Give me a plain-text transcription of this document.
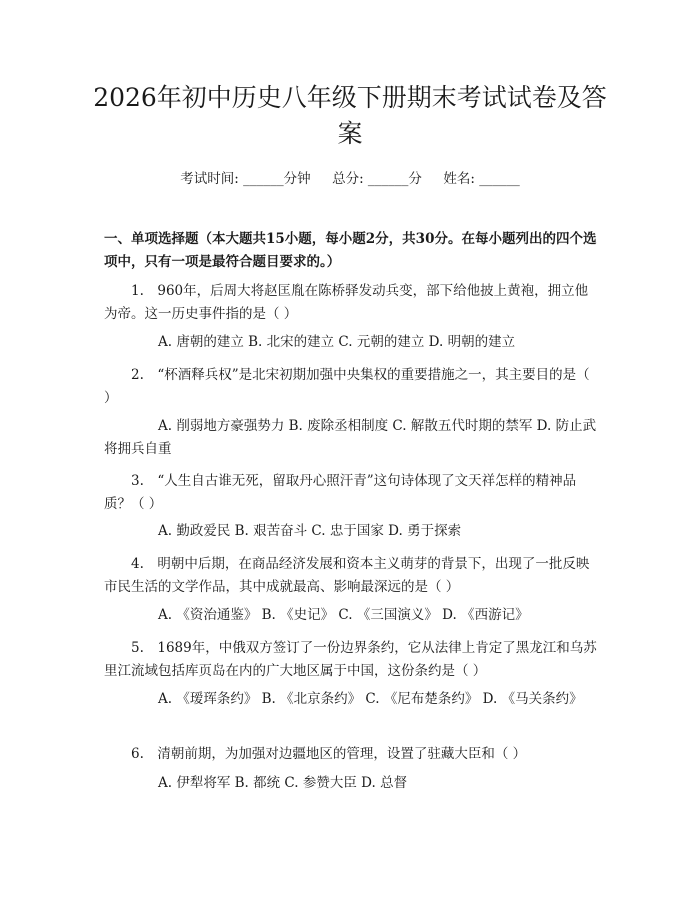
2026年初中历史八年级下册期末考试试卷及答案
考试时间: ______分钟     总分: ______分     姓名: ______
一、单项选择题（本大题共15小题，每小题2分，共30分。在每小题列出的四个选项中，只有一项是最符合题目要求的。）
1.　960年，后周大将赵匡胤在陈桥驿发动兵变，部下给他披上黄袍，拥立他为帝。这一历史事件指的是（ ）
A. 唐朝的建立 B. 北宋的建立 C. 元朝的建立 D. 明朝的建立
2.　“杯酒释兵权”是北宋初期加强中央集权的重要措施之一，其主要目的是（ ）
A. 削弱地方豪强势力 B. 废除丞相制度 C. 解散五代时期的禁军 D. 防止武将拥兵自重
3.　“人生自古谁无死，留取丹心照汗青”这句诗体现了文天祥怎样的精神品质？（ ）
A. 勤政爱民 B. 艰苦奋斗 C. 忠于国家 D. 勇于探索
4.　明朝中后期，在商品经济发展和资本主义萌芽的背景下，出现了一批反映市民生活的文学作品，其中成就最高、影响最深远的是（ ）
A. 《资治通鉴》 B. 《史记》 C. 《三国演义》 D. 《西游记》
5.　1689年，中俄双方签订了一份边界条约，它从法律上肯定了黑龙江和乌苏里江流域包括库页岛在内的广大地区属于中国，这份条约是（ ）
A. 《瑷珲条约》 B. 《北京条约》 C. 《尼布楚条约》 D. 《马关条约》
6.　清朝前期，为加强对边疆地区的管理，设置了驻藏大臣和（ ）
A. 伊犁将军 B. 都统 C. 参赞大臣 D. 总督
